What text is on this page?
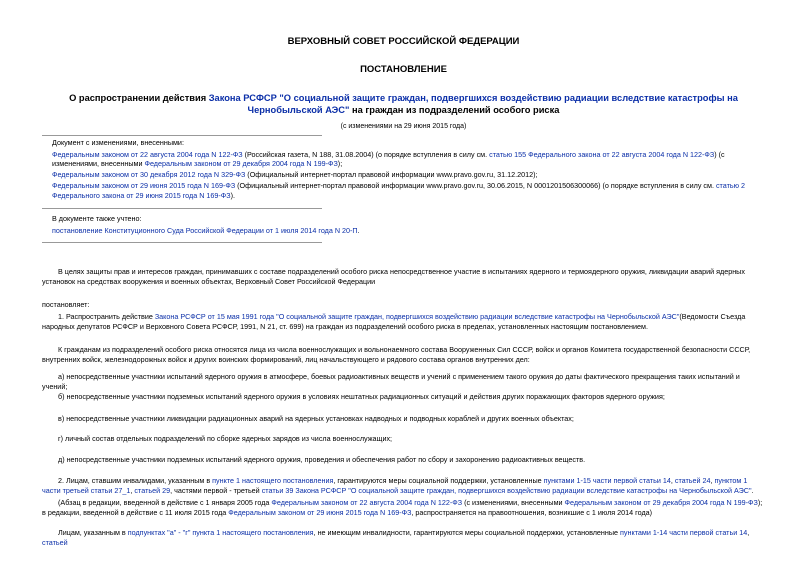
ВЕРХОВНЫЙ СОВЕТ РОССИЙСКОЙ ФЕДЕРАЦИИ
ПОСТАНОВЛЕНИЕ
О распространении действия Закона РСФСР "О социальной защите граждан, подвергшихся воздействию радиации вследствие катастрофы на Чернобыльской АЭС" на граждан из подразделений особого риска
(с изменениями на 29 июня 2015 года)
Документ с изменениями, внесенными:
Федеральным законом от 22 августа 2004 года N 122-ФЗ (Российская газета, N 188, 31.08.2004) (о порядке вступления в силу см. статью 155 Федерального закона от 22 августа 2004 года N 122-ФЗ) (с изменениями, внесенными Федеральным законом от 29 декабря 2004 года N 199-ФЗ);
Федеральным законом от 30 декабря 2012 года N 329-ФЗ (Официальный интернет-портал правовой информации www.pravo.gov.ru, 31.12.2012);
Федеральным законом от 29 июня 2015 года N 169-ФЗ (Официальный интернет-портал правовой информации www.pravo.gov.ru, 30.06.2015, N 0001201506300066) (о порядке вступления в силу см. статью 2 Федерального закона от 29 июня 2015 года N 169-ФЗ).
В документе также учтено:
постановление Конституционного Суда Российской Федерации от 1 июля 2014 года N 20-П.
В целях защиты прав и интересов граждан, принимавших с составе подразделений особого риска непосредственное участие в испытаниях ядерного и термоядерного оружия, ликвидации аварий ядерных установок на средствах вооружения и военных объектах, Верховный Совет Российской Федерации
постановляет:
1. Распространить действие Закона РСФСР от 15 мая 1991 года "О социальной защите граждан, подвергшихся воздействию радиации вследствие катастрофы на Чернобыльской АЭС"(Ведомости Съезда народных депутатов РСФСР и Верховного Совета РСФСР, 1991, N 21, ст. 699) на граждан из подразделений особого риска в пределах, установленных настоящим постановлением.
К гражданам из подразделений особого риска относятся лица из числа военнослужащих и вольнонаемного состава Вооруженных Сил СССР, войск и органов Комитета государственной безопасности СССР, внутренних войск, железнодорожных войск и других воинских формирований, лиц начальствующего и рядового состава органов внутренних дел:
а) непосредственные участники испытаний ядерного оружия в атмосфере, боевых радиоактивных веществ и учений с применением такого оружия до даты фактического прекращения таких испытаний и учений;
б) непосредственные участники подземных испытаний ядерного оружия в условиях нештатных радиационных ситуаций и действия других поражающих факторов ядерного оружия;
в) непосредственные участники ликвидации радиационных аварий на ядерных установках надводных и подводных кораблей и других военных объектах;
г) личный состав отдельных подразделений по сборке ядерных зарядов из числа военнослужащих;
д) непосредственные участники подземных испытаний ядерного оружия, проведения и обеспечения работ по сбору и захоронению радиоактивных веществ.
2. Лицам, ставшим инвалидами, указанным в пункте 1 настоящего постановления, гарантируются меры социальной поддержки, установленные пунктами 1-15 части первой статьи 14, статьей 24, пунктом 1 части третьей статьи 27_1, статьей 29, частями первой - третьей статьи 39 Закона РСФСР "О социальной защите граждан, подвергшихся воздействию радиации вследствие катастрофы на Чернобыльской АЭС".
(Абзац в редакции, введенной в действие с 1 января 2005 года Федеральным законом от 22 августа 2004 года N 122-ФЗ (с изменениями, внесенными Федеральным законом от 29 декабря 2004 года N 199-ФЗ); в редакции, введенной в действие с 11 июля 2015 года Федеральным законом от 29 июня 2015 года N 169-ФЗ, распространяется на правоотношения, возникшие с 1 июля 2014 года)
Лицам, указанным в подпунктах "а" - "г" пункта 1 настоящего постановления, не имеющим инвалидности, гарантируются меры социальной поддержки, установленные пунктами 1-14 части первой статьи 14, статьей
